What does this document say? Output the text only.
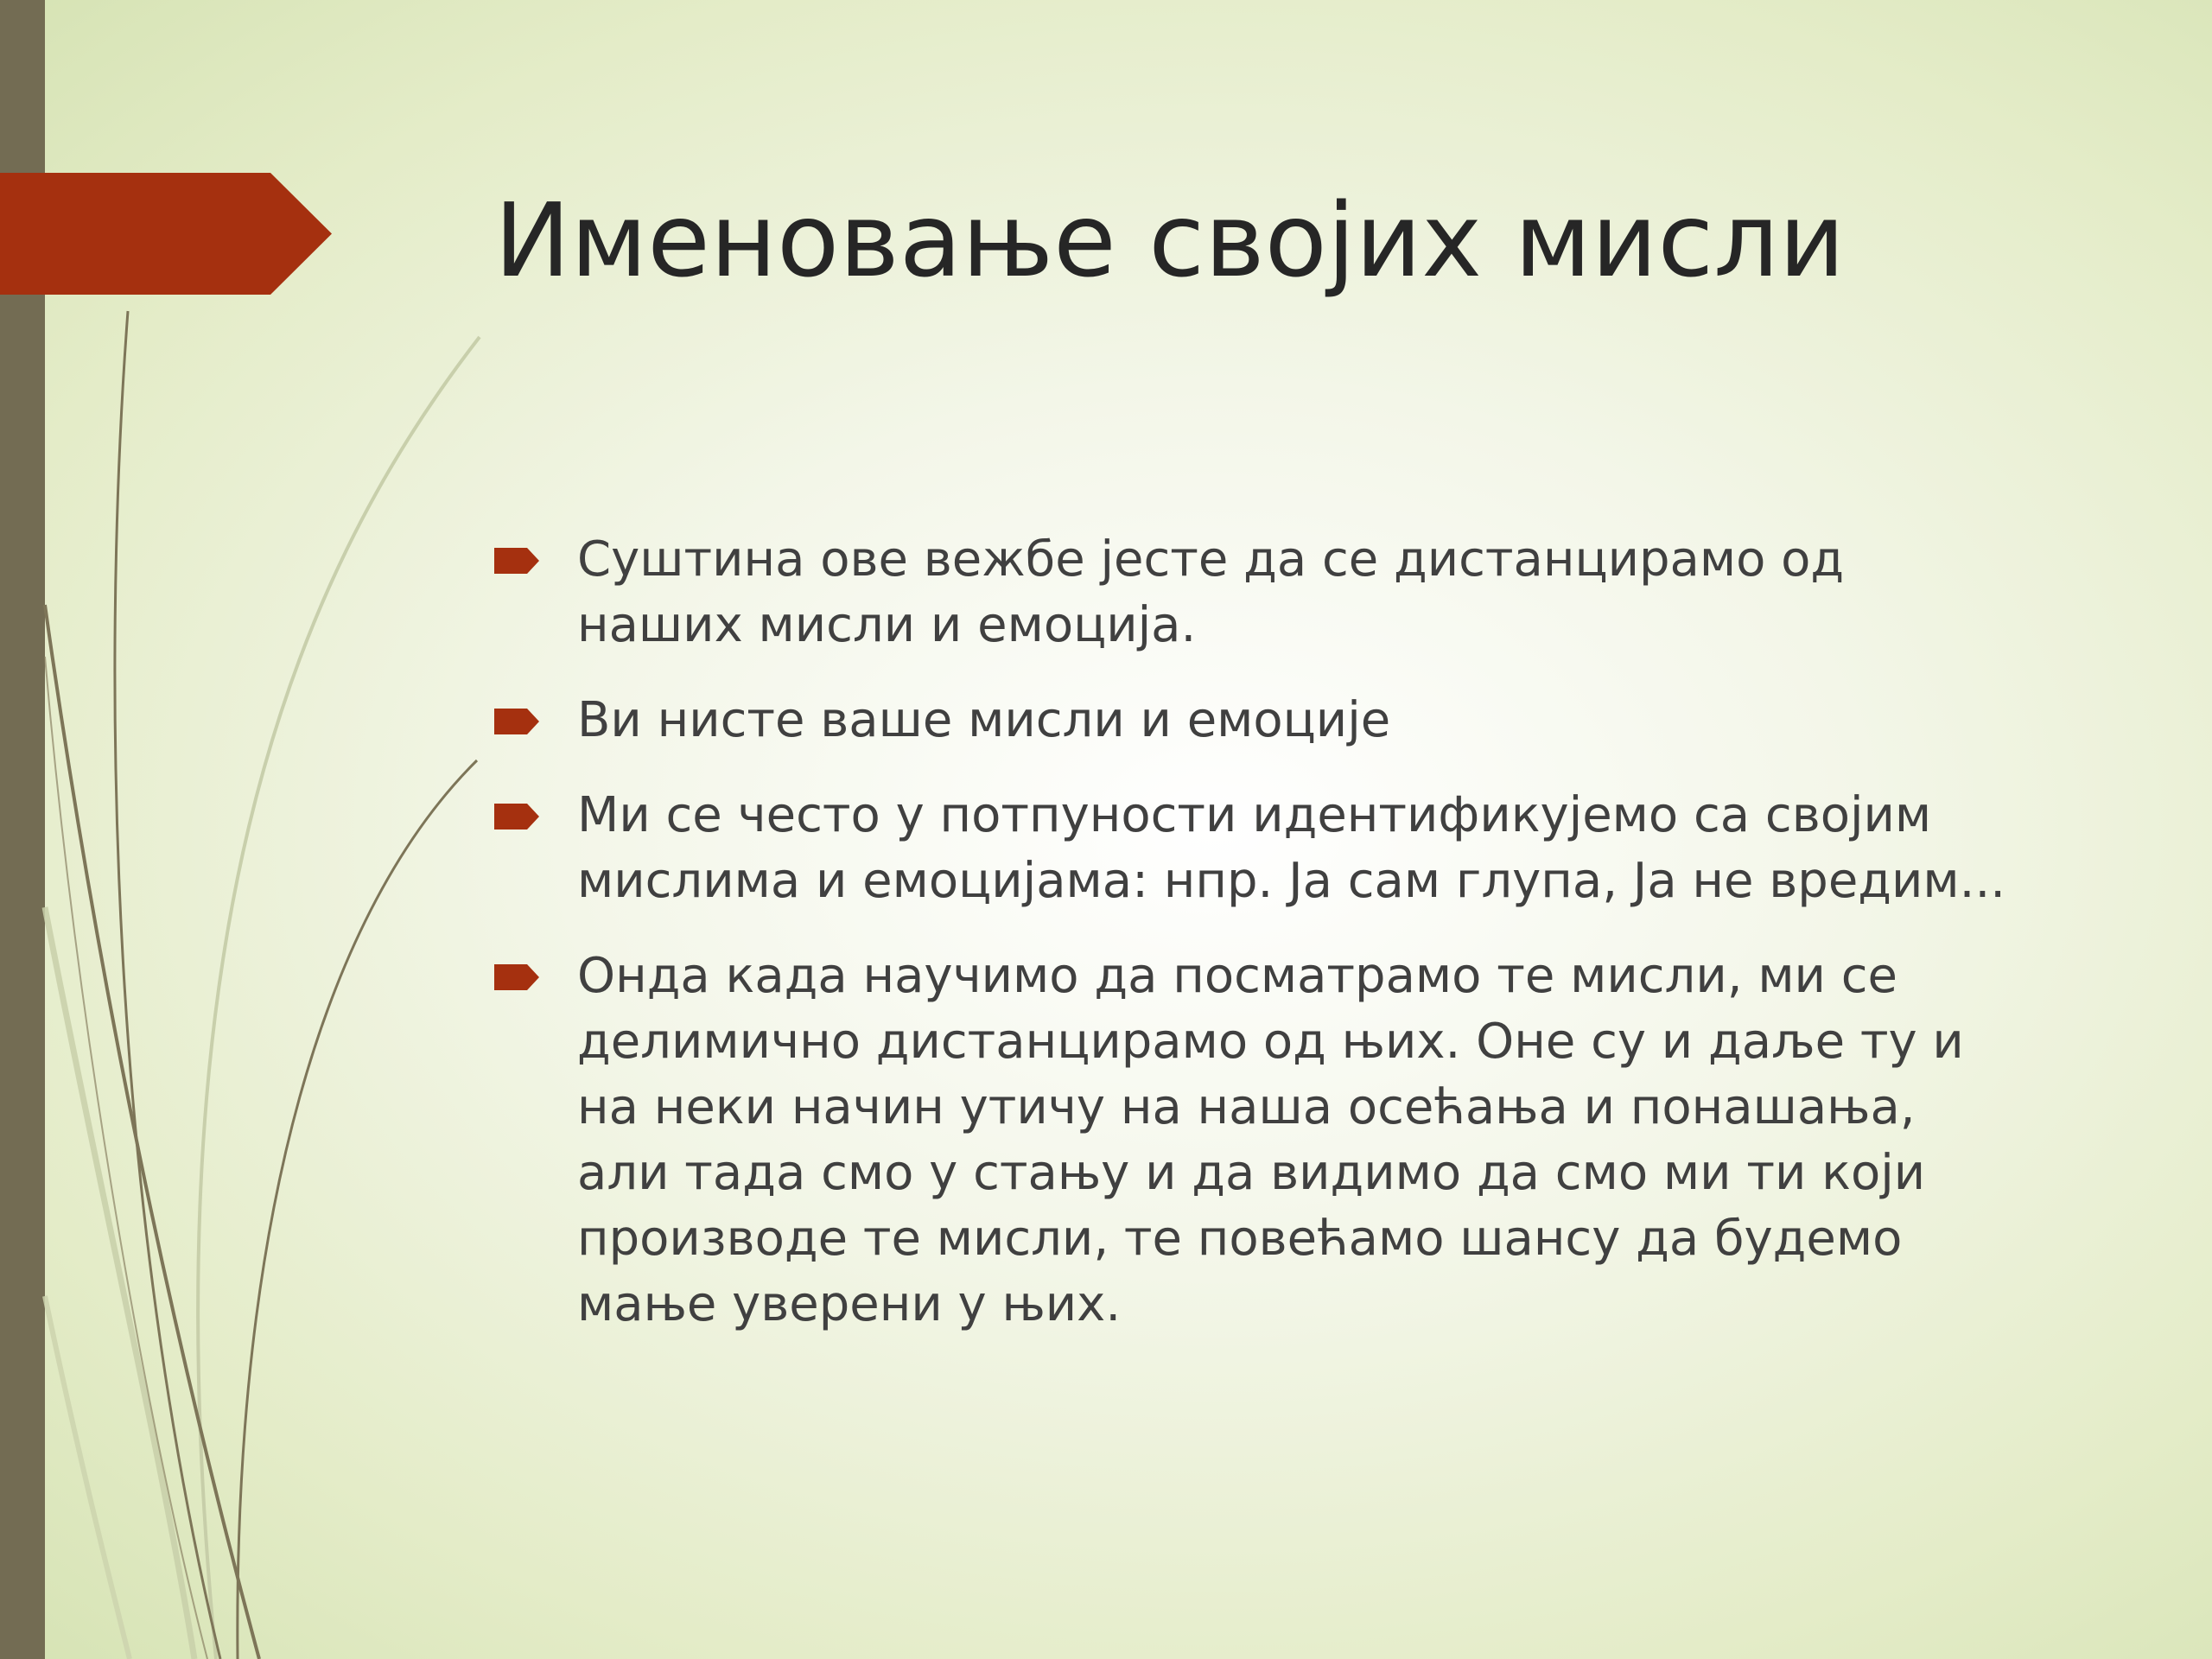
Именовање својих мисли
Суштина ове вежбе јесте да се дистанцирамо од наших мисли и емоција.
Ви нисте ваше мисли и емоције
Ми се често у потпуности идентификујемо са својим мислима и емоцијама: нпр. Ја сам глупа, Ја не вредим...
Онда када научимо да посматрамо те мисли, ми се делимично дистанцирамо од њих. Оне су и даље ту и на неки начин утичу на наша осећања и понашања, али тада смо у стању и да видимо да смо ми ти који производе те мисли, те повећамо шансу да будемо мање уверени у њих.
